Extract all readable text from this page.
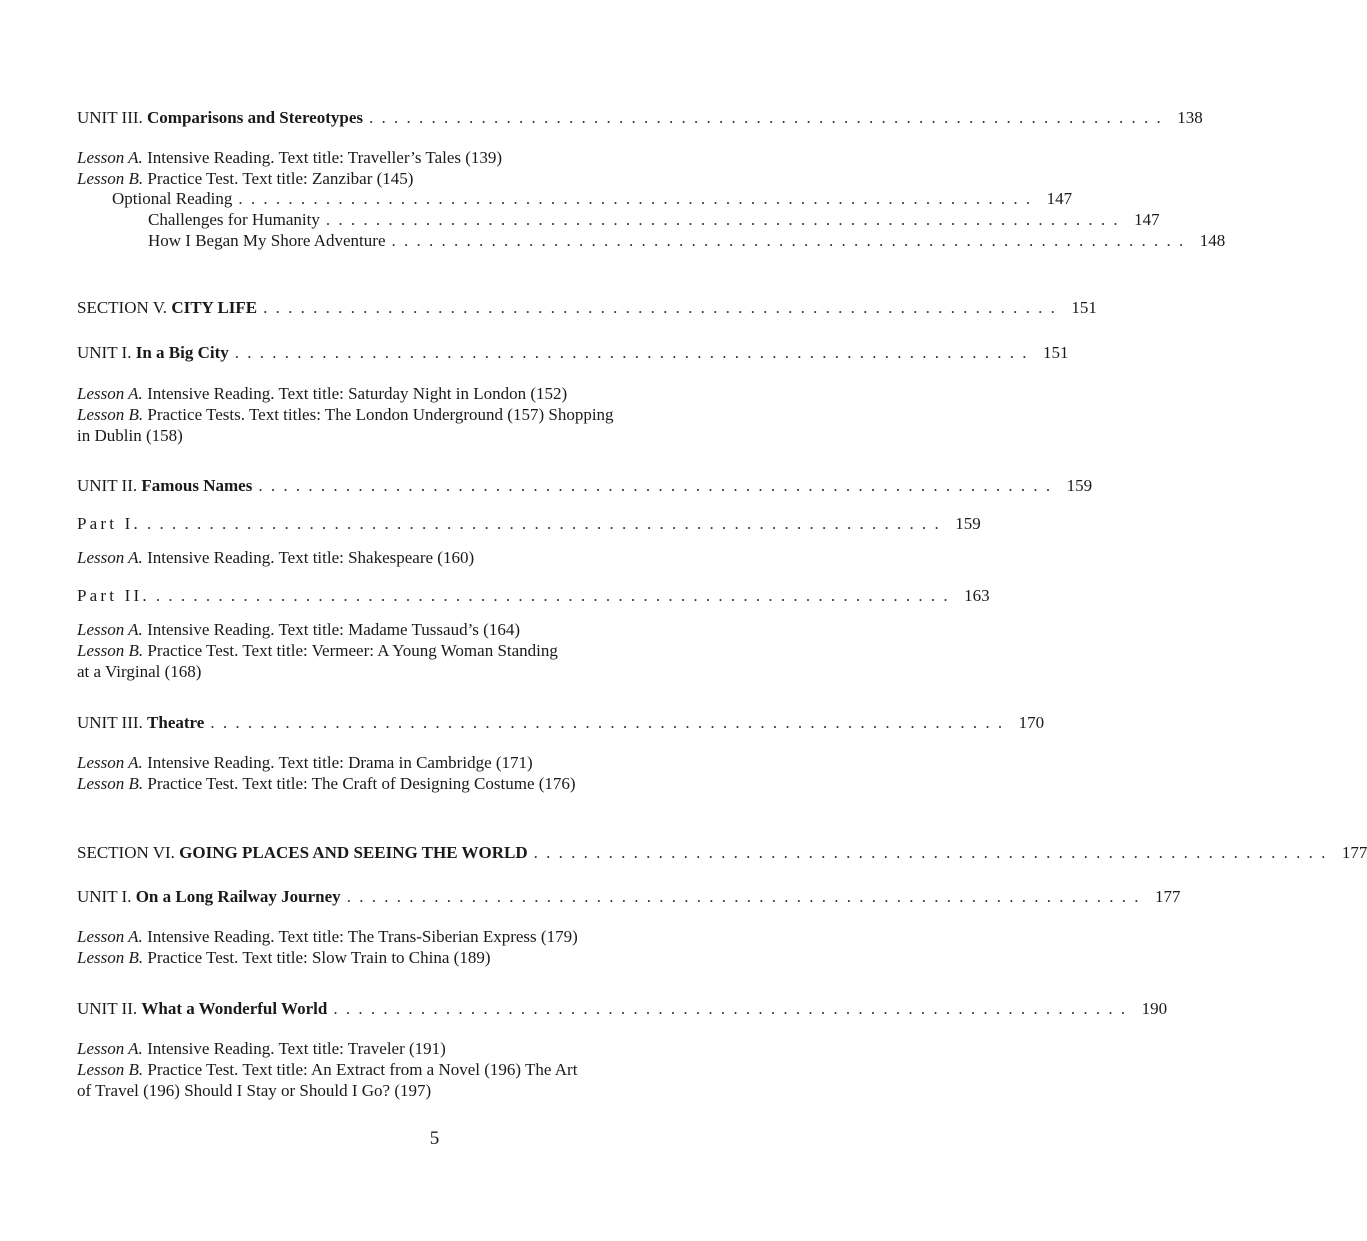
UNIT III. Comparisons and Stereotypes . . . . . . . . . . . . . . . . . . . . . . . . . . . . . . . . . . . . . . . . . . . . . . . . . . . . . . . . . . . . . . . . 138
Lesson A. Intensive Reading. Text title: Traveller’s Tales (139)
Lesson B. Practice Test. Text title: Zanzibar (145)
Optional Reading . . . . . . . . . . . . . . . . . . . . . . . . . . . . . . . . . . . . . . . . . . . . . . . . . . . . . . . . . . . . . . . . 147
Challenges for Humanity . . . . . . . . . . . . . . . . . . . . . . . . . . . . . . . . . . . . . . . . . . . . . . . . . . . . . . . . . . . . . . . . 147
How I Began My Shore Adventure . . . . . . . . . . . . . . . . . . . . . . . . . . . . . . . . . . . . . . . . . . . . . . . . . . . . . . . . . . . . . . . . 148
SECTION V. CITY LIFE . . . . . . . . . . . . . . . . . . . . . . . . . . . . . . . . . . . . . . . . . . . . . . . . . . . . . . . . . . . . . . . . 151
UNIT I. In a Big City . . . . . . . . . . . . . . . . . . . . . . . . . . . . . . . . . . . . . . . . . . . . . . . . . . . . . . . . . . . . . . . . 151
Lesson A. Intensive Reading. Text title: Saturday Night in London (152)
Lesson B. Practice Tests. Text titles: The London Underground (157) Shopping
in Dublin (158)
UNIT II. Famous Names . . . . . . . . . . . . . . . . . . . . . . . . . . . . . . . . . . . . . . . . . . . . . . . . . . . . . . . . . . . . . . . . 159
Part I. . . . . . . . . . . . . . . . . . . . . . . . . . . . . . . . . . . . . . . . . . . . . . . . . . . . . . . . . . . . . . . . . 159
Lesson A. Intensive Reading. Text title: Shakespeare (160)
Part II. . . . . . . . . . . . . . . . . . . . . . . . . . . . . . . . . . . . . . . . . . . . . . . . . . . . . . . . . . . . . . . . . 163
Lesson A. Intensive Reading. Text title: Madame Tussaud’s (164)
Lesson B. Practice Test. Text title: Vermeer: A Young Woman Standing
at a Virginal (168)
UNIT III. Theatre . . . . . . . . . . . . . . . . . . . . . . . . . . . . . . . . . . . . . . . . . . . . . . . . . . . . . . . . . . . . . . . . 170
Lesson A. Intensive Reading. Text title: Drama in Cambridge (171)
Lesson B. Practice Test. Text title: The Craft of Designing Costume (176)
SECTION VI. GOING PLACES AND SEEING THE WORLD . . . . . . . . . . . . . . . . . . . . . . . . . . . . . . . . . . . . . . . . . . . . . . . . . . . . . . . . . . . . . . . . 177
UNIT I. On a Long Railway Journey . . . . . . . . . . . . . . . . . . . . . . . . . . . . . . . . . . . . . . . . . . . . . . . . . . . . . . . . . . . . . . . . 177
Lesson A. Intensive Reading. Text title: The Trans-Siberian Express (179)
Lesson B. Practice Test. Text title: Slow Train to China (189)
UNIT II. What a Wonderful World . . . . . . . . . . . . . . . . . . . . . . . . . . . . . . . . . . . . . . . . . . . . . . . . . . . . . . . . . . . . . . . . 190
Lesson A. Intensive Reading. Text title: Traveler (191)
Lesson B. Practice Test. Text title: An Extract from a Novel (196) The Art
of Travel (196) Should I Stay or Should I Go? (197)
5
